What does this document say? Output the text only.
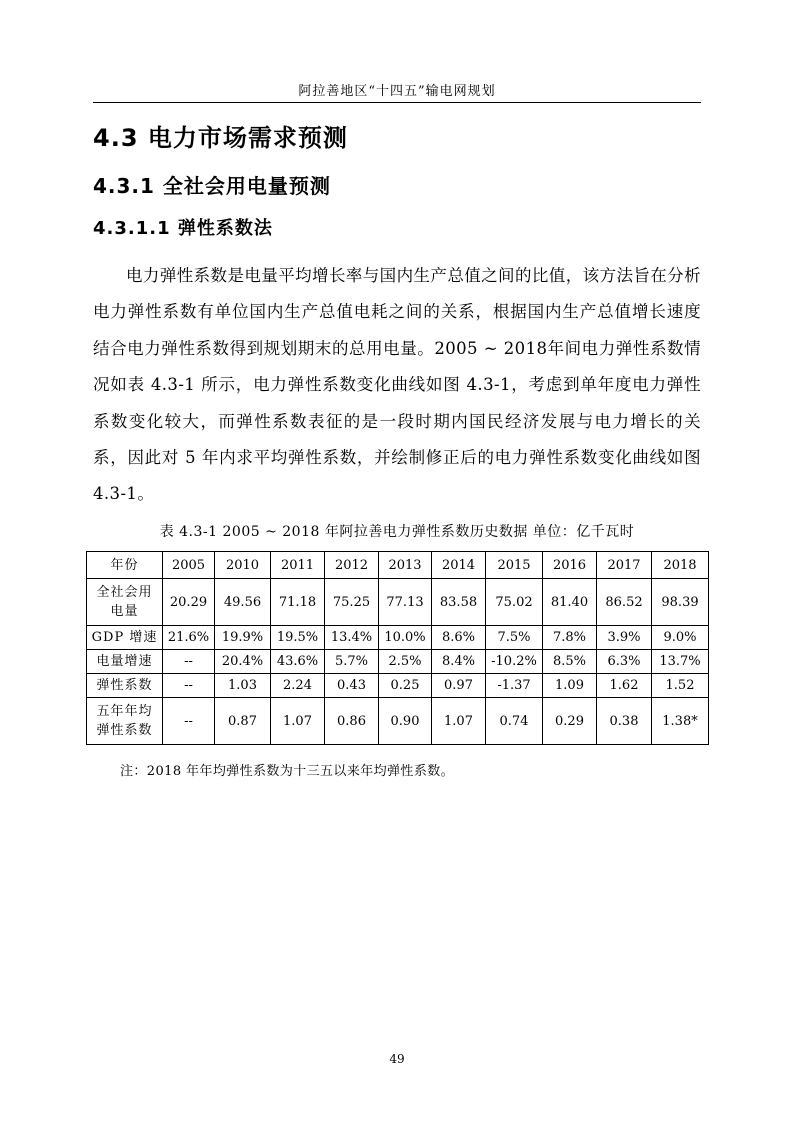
阿拉善地区“十四五”输电网规划
4.3 电力市场需求预测
4.3.1 全社会用电量预测
4.3.1.1 弹性系数法

电力弹性系数是电量平均增长率与国内生产总值之间的比值，该方法旨在分析电力弹性系数有单位国内生产总值电耗之间的关系，根据国内生产总值增长速度结合电力弹性系数得到规划期末的总用电量。2005 ~ 2018年间电力弹性系数情况如表 4.3-1 所示，电力弹性系数变化曲线如图 4.3-1，考虑到单年度电力弹性系数变化较大，而弹性系数表征的是一段时期内国民经济发展与电力增长的关系，因此对 5 年内求平均弹性系数，并绘制修正后的电力弹性系数变化曲线如图 4.3-1。

表 4.3-1 2005 ~ 2018 年阿拉善电力弹性系数历史数据 单位：亿千瓦时
年份	2005	2010	2011	2012	2013	2014	2015	2016	2017	2018
全社会用
电量	20.29	49.56	71.18	75.25	77.13	83.58	75.02	81.40	86.52	98.39
GDP 增速	21.6%	19.9%	19.5%	13.4%	10.0%	8.6%	7.5%	7.8%	3.9%	9.0%
电量增速	--	20.4%	43.6%	5.7%	2.5%	8.4%	-10.2%	8.5%	6.3%	13.7%
弹性系数	--	1.03	2.24	0.43	0.25	0.97	-1.37	1.09	1.62	1.52
五年年均
弹性系数	--	0.87	1.07	0.86	0.90	1.07	0.74	0.29	0.38	1.38*
注：2018 年年均弹性系数为十三五以来年均弹性系数。
49
